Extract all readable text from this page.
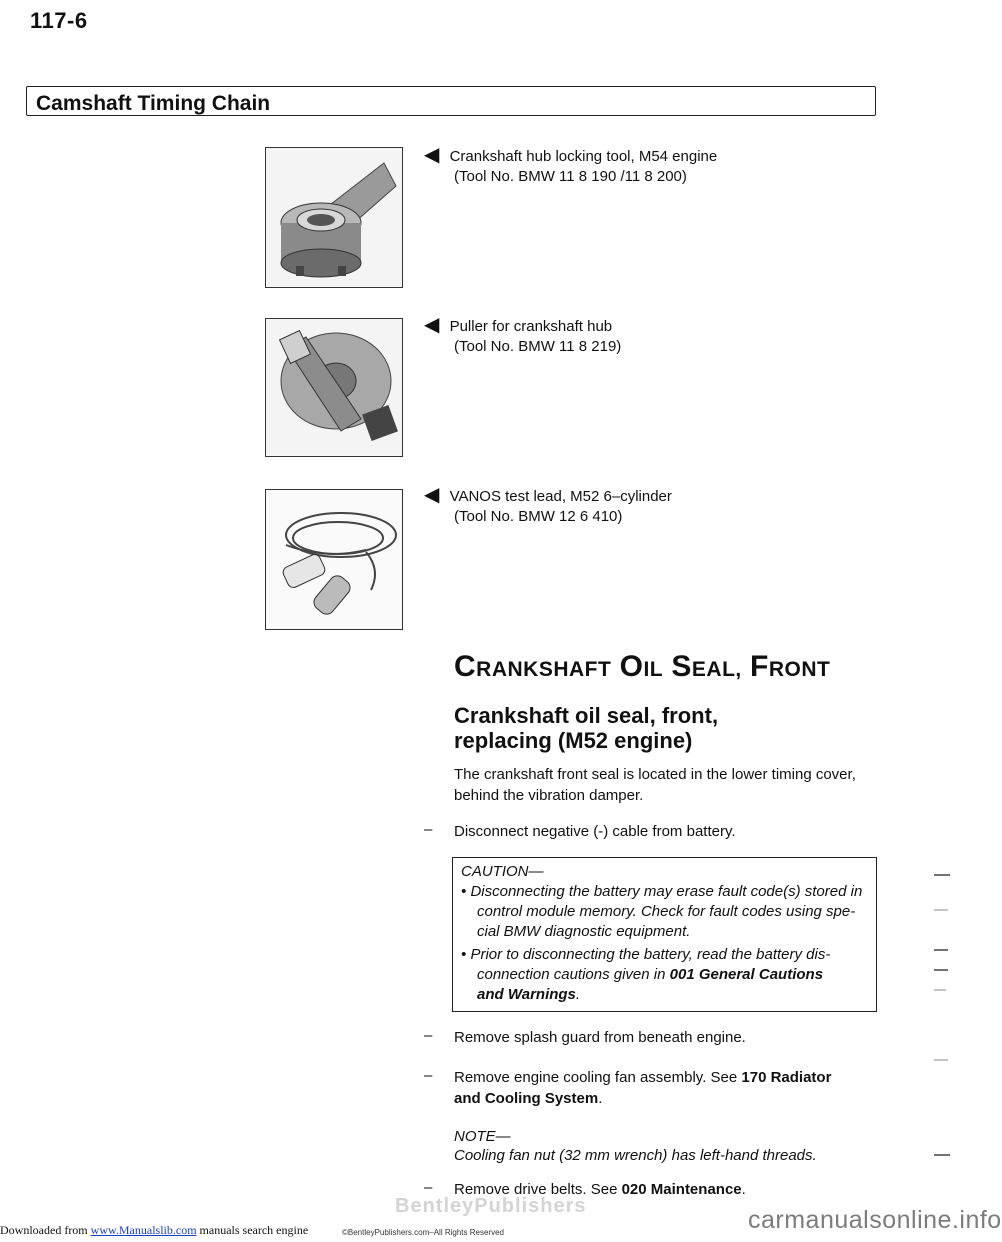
117-6
Camshaft Timing Chain
◀ Crankshaft hub locking tool, M54 engine
(Tool No. BMW 11 8 190 /11 8 200)
◀ Puller for crankshaft hub
(Tool No. BMW 11 8 219)
◀ VANOS test lead, M52 6–cylinder
(Tool No. BMW 12 6 410)
CRANKSHAFT OIL SEAL, FRONT
Crankshaft oil seal, front,
replacing (M52 engine)
The crankshaft front seal is located in the lower timing cover,
behind the vibration damper.
– Disconnect negative (-) cable from battery.
CAUTION—
• Disconnecting the battery may erase fault code(s) stored in
control module memory. Check for fault codes using spe-
cial BMW diagnostic equipment.
• Prior to disconnecting the battery, read the battery dis-
connection cautions given in 001 General Cautions
and Warnings.
– Remove splash guard from beneath engine.
– Remove engine cooling fan assembly. See 170 Radiator
and Cooling System.
NOTE—
Cooling fan nut (32 mm wrench) has left-hand threads.
– Remove drive belts. See 020 Maintenance.
BentleyPublishers
Downloaded from www.Manualslib.com manuals search engine	©BentleyPublishers.com–All Rights Reserved	carmanualsonline.info
